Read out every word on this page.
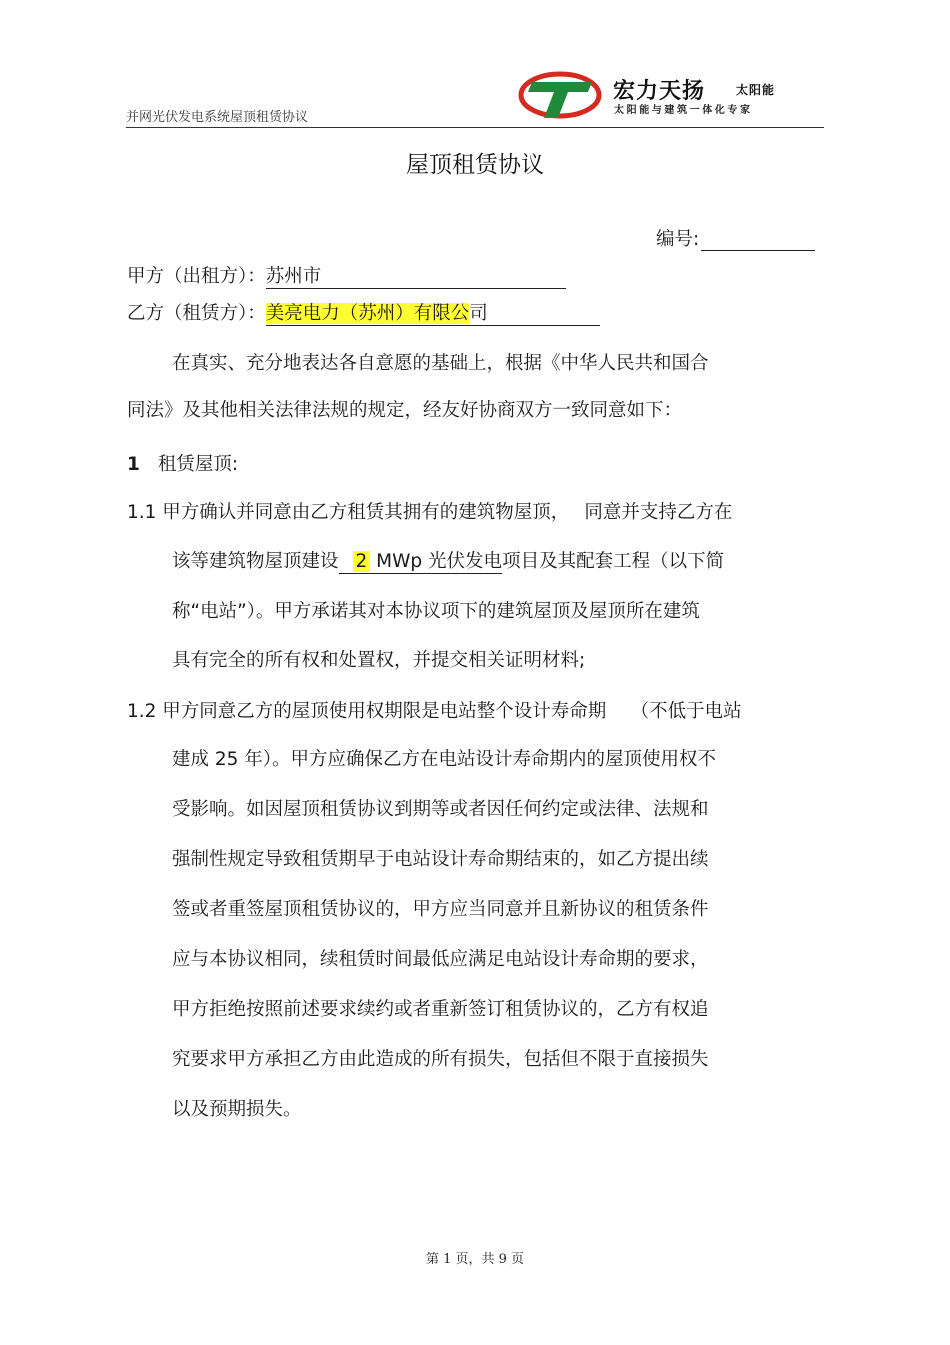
并网光伏发电系统屋顶租赁协议
宏力天扬	太阳能
太阳能与建筑一体化专家
屋顶租赁协议
编号:
甲方（出租方）：苏州市
乙方（租赁方）：美亮电力（苏州）有限公司
在真实、充分地表达各自意愿的基础上，根据《中华人民共和国合
同法》及其他相关法律法规的规定，经友好协商双方一致同意如下：
1 租赁屋顶:
1.1 甲方确认并同意由乙方租赁其拥有的建筑物屋顶，　 同意并支持乙方在
该等建筑物屋顶建设 2 MWp 光伏发电项目及其配套工程（以下简
称“电站”）。甲方承诺其对本协议项下的建筑屋顶及屋顶所在建筑
具有完全的所有权和处置权，并提交相关证明材料;
1.2 甲方同意乙方的屋顶使用权期限是电站整个设计寿命期　 （不低于电站
建成 25 年）。甲方应确保乙方在电站设计寿命期内的屋顶使用权不
受影响。如因屋顶租赁协议到期等或者因任何约定或法律、法规和
强制性规定导致租赁期早于电站设计寿命期结束的，如乙方提出续
签或者重签屋顶租赁协议的，甲方应当同意并且新协议的租赁条件
应与本协议相同，续租赁时间最低应满足电站设计寿命期的要求，
甲方拒绝按照前述要求续约或者重新签订租赁协议的，乙方有权追
究要求甲方承担乙方由此造成的所有损失，包括但不限于直接损失
以及预期损失。
第 1 页，共 9 页
